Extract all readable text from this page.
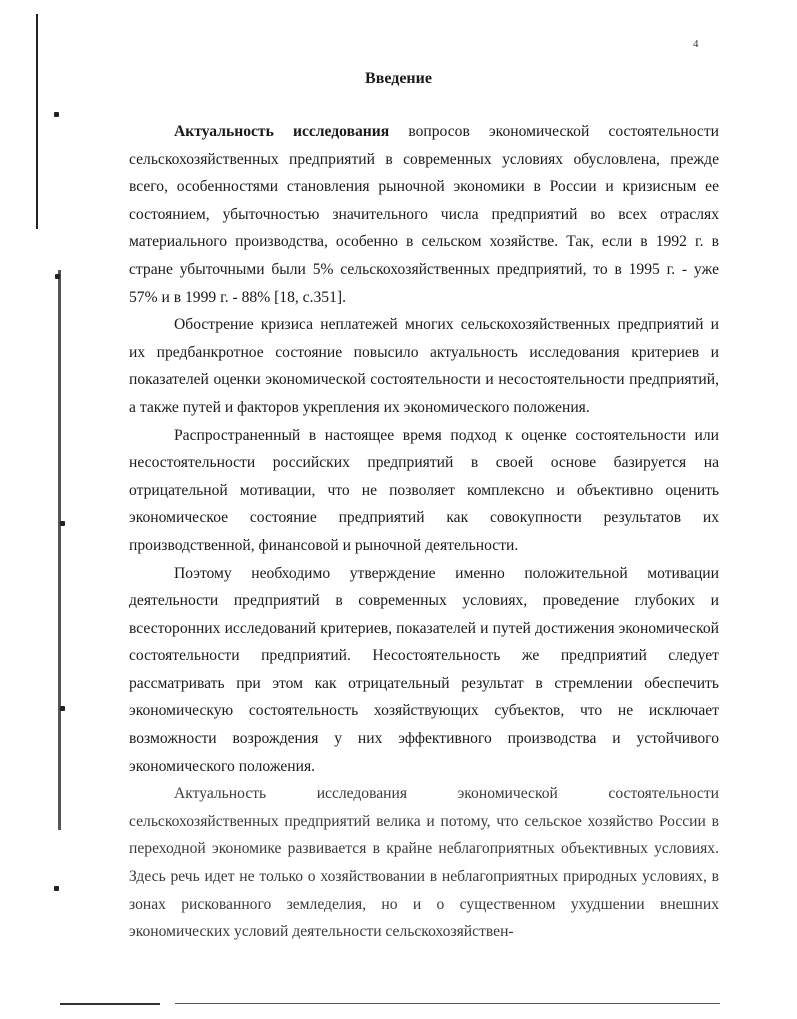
4
Введение

Актуальность исследования вопросов экономической состоятельности сельскохозяйственных предприятий в современных условиях обусловлена, прежде всего, особенностями становления рыночной экономики в России и кризисным ее состоянием, убыточностью значительного числа предприятий во всех отраслях материального производства, особенно в сельском хозяйстве. Так, если в 1992 г. в стране убыточными были 5% сельскохозяйственных предприятий, то в 1995 г. - уже 57% и в 1999 г. - 88% [18, с.351].

Обострение кризиса неплатежей многих сельскохозяйственных предприятий и их предбанкротное состояние повысило актуальность исследования критериев и показателей оценки экономической состоятельности и несостоятельности предприятий, а также путей и факторов укрепления их экономического положения.

Распространенный в настоящее время подход к оценке состоятельности или несостоятельности российских предприятий в своей основе базируется на отрицательной мотивации, что не позволяет комплексно и объективно оценить экономическое состояние предприятий как совокупности результатов их производственной, финансовой и рыночной деятельности.

Поэтому необходимо утверждение именно положительной мотивации деятельности предприятий в современных условиях, проведение глубоких и всесторонних исследований критериев, показателей и путей достижения экономической состоятельности предприятий. Несостоятельность же предприятий следует рассматривать при этом как отрицательный результат в стремлении обеспечить экономическую состоятельность хозяйствующих субъектов, что не исключает возможности возрождения у них эффективного производства и устойчивого экономического положения.

Актуальность исследования экономической состоятельности сельскохозяйственных предприятий велика и потому, что сельское хозяйство России в переходной экономике развивается в крайне неблагоприятных объективных условиях. Здесь речь идет не только о хозяйствовании в неблагоприятных природных условиях, в зонах рискованного земледелия, но и о существенном ухудшении внешних экономических условий деятельности сельскохозяйствен-
